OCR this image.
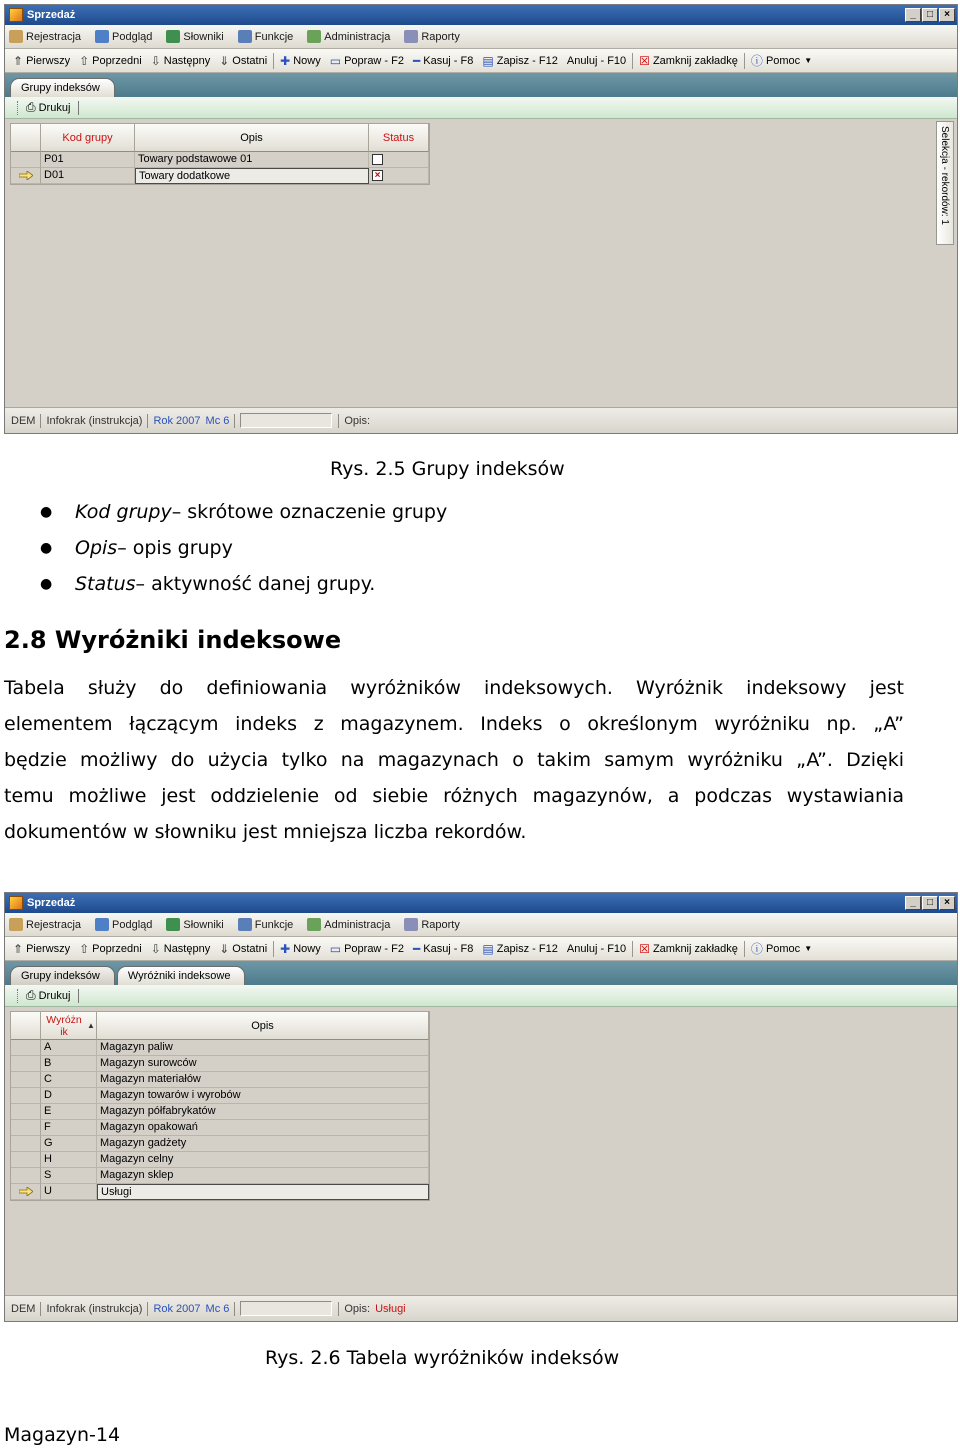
Sprzedaż	_	□	×
Rejestracja	Podgląd	Słowniki	Funkcje	Administracja	Raporty
⇑ Pierwszy ⇧ Poprzedni ⇩ Następny ⇓ Ostatni ✚ Nowy ▭ Popraw - F2 ━ Kasuj - F8 ▤ Zapisz - F12 Anuluj - F10 ☒ Zamknij zakładkę ⓘ Pomoc ▼
Grupy indeksów
⎙ Drukuj
Kod grupy	Opis	Status
P01	Towary podstawowe 01
D01	Towary dodatkowe	×	Selekcja - rekordów: 1
DEM Infokrak (instrukcja) Rok 2007 Mc 6	Opis:
Rys. 2.5 Grupy indeksów
●	Kod grupy – skrótowe oznaczenie grupy
●	Opis – opis grupy
●	Status – aktywność danej grupy.
2.8 Wyróżniki indeksowe
Tabela służy do definiowania wyróżników indeksowych. Wyróżnik indeksowy jest
elementem łączącym indeks z magazynem. Indeks o określonym wyróżniku np. „A”
będzie możliwy do użycia tylko na magazynach o takim samym wyróżniku „A”. Dzięki
temu możliwe jest oddzielenie od siebie różnych magazynów, a podczas wystawiania
dokumentów w słowniku jest mniejsza liczba rekordów.
Sprzedaż	_	□	×
Rejestracja	Podgląd	Słowniki	Funkcje	Administracja	Raporty
⇑ Pierwszy ⇧ Poprzedni ⇩ Następny ⇓ Ostatni ✚ Nowy ▭ Popraw - F2 ━ Kasuj - F8 ▤ Zapisz - F12 Anuluj - F10 ☒ Zamknij zakładkę ⓘ Pomoc ▼
Grupy indeksów	Wyróżniki indeksowe
⎙ Drukuj
Wyróżn ik
▲	Opis
A	Magazyn paliw
B	Magazyn surowców
C	Magazyn materiałów
D	Magazyn towarów i wyrobów
E	Magazyn półfabrykatów
F	Magazyn opakowań
G	Magazyn gadżety
H	Magazyn celny
S	Magazyn sklep
U	Usługi
DEM Infokrak (instrukcja) Rok 2007 Mc 6	Opis: Usługi
Rys. 2.6 Tabela wyróżników indeksów
Magazyn-14
